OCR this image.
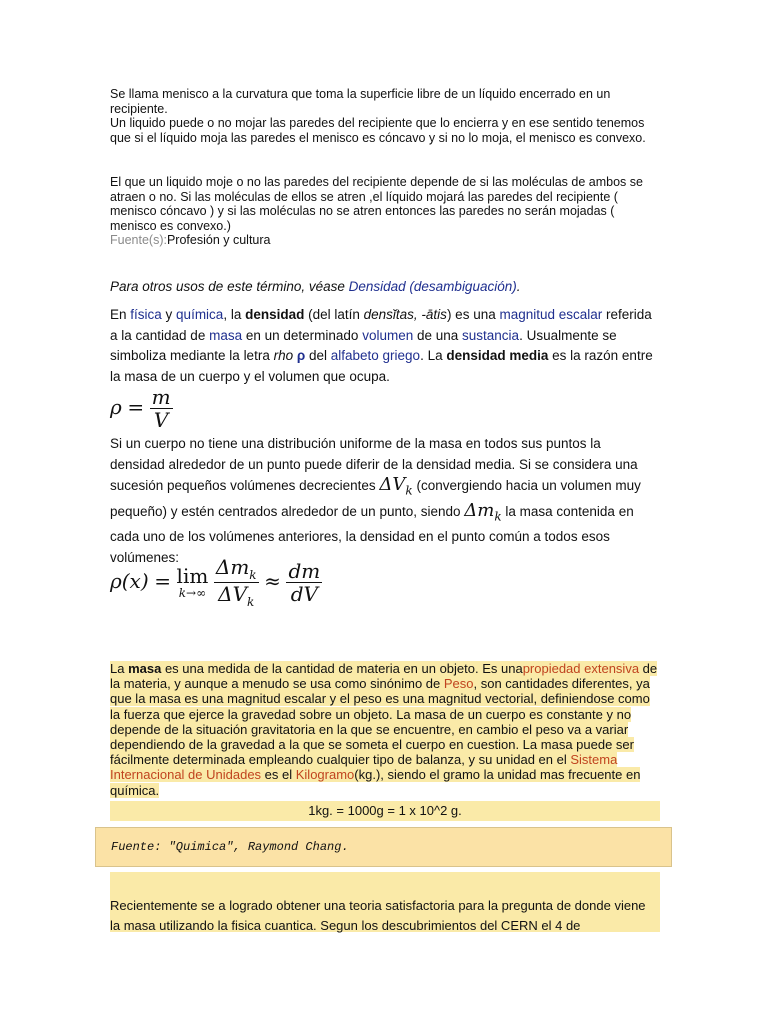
Se llama menisco a la curvatura que toma la superficie libre de un líquido encerrado en un recipiente.
Un liquido puede o no mojar las paredes del recipiente que lo encierra y en ese sentido tenemos que si el líquido moja las paredes el menisco es cóncavo y si no lo moja, el menisco es convexo.
El que un liquido moje o no las paredes del recipiente depende de si las moléculas de ambos se atraen o no. Si las moléculas de ellos se atren ,el líquido mojará las paredes del recipiente ( menisco cóncavo ) y si las moléculas no se atren entonces las paredes no serán mojadas ( menisco es convexo.)
Fuente(s):Profesión y cultura
Para otros usos de este término, véase Densidad (desambiguación).
En física y química, la densidad (del latín densĭtas, -ātis) es una magnitud escalar referida a la cantidad de masa en un determinado volumen de una sustancia. Usualmente se simboliza mediante la letra rho ρ del alfabeto griego. La densidad media es la razón entre la masa de un cuerpo y el volumen que ocupa.
$\rho = \frac{m}{V}$
Si un cuerpo no tiene una distribución uniforme de la masa en todos sus puntos la densidad alrededor de un punto puede diferir de la densidad media. Si se considera una sucesión pequeños volúmenes decrecientes $\Delta V_k$ (convergiendo hacia un volumen muy pequeño) y estén centrados alrededor de un punto, siendo $\Delta m_k$ la masa contenida en cada uno de los volúmenes anteriores, la densidad en el punto común a todos esos volúmenes:
ρ(x) = lim
k→∞
$\frac{\Delta m_k}{\Delta V_k} \approx \frac{dm}{dV}$
La masa es una medida de la cantidad de materia en un objeto. Es unapropiedad extensiva de la materia, y aunque a menudo se usa como sinónimo de Peso, son cantidades diferentes, ya que la masa es una magnitud escalar y el peso es una magnitud vectorial, definiendose como la fuerza que ejerce la gravedad sobre un objeto. La masa de un cuerpo es constante y no depende de la situación gravitatoria en la que se encuentre, en cambio el peso va a variar dependiendo de la gravedad a la que se someta el cuerpo en cuestion. La masa puede ser fácilmente determinada empleando cualquier tipo de balanza, y su unidad en el Sistema Internacional de Unidades es el Kilogramo(kg.), siendo el gramo la unidad mas frecuente en química.
1kg. = 1000g = 1 x 10^2 g.
Fuente: "Quimica", Raymond Chang.
Recientemente se a logrado obtener una teoria satisfactoria para la pregunta de donde viene la masa utilizando la fisica cuantica. Segun los descubrimientos del CERN el 4 de
